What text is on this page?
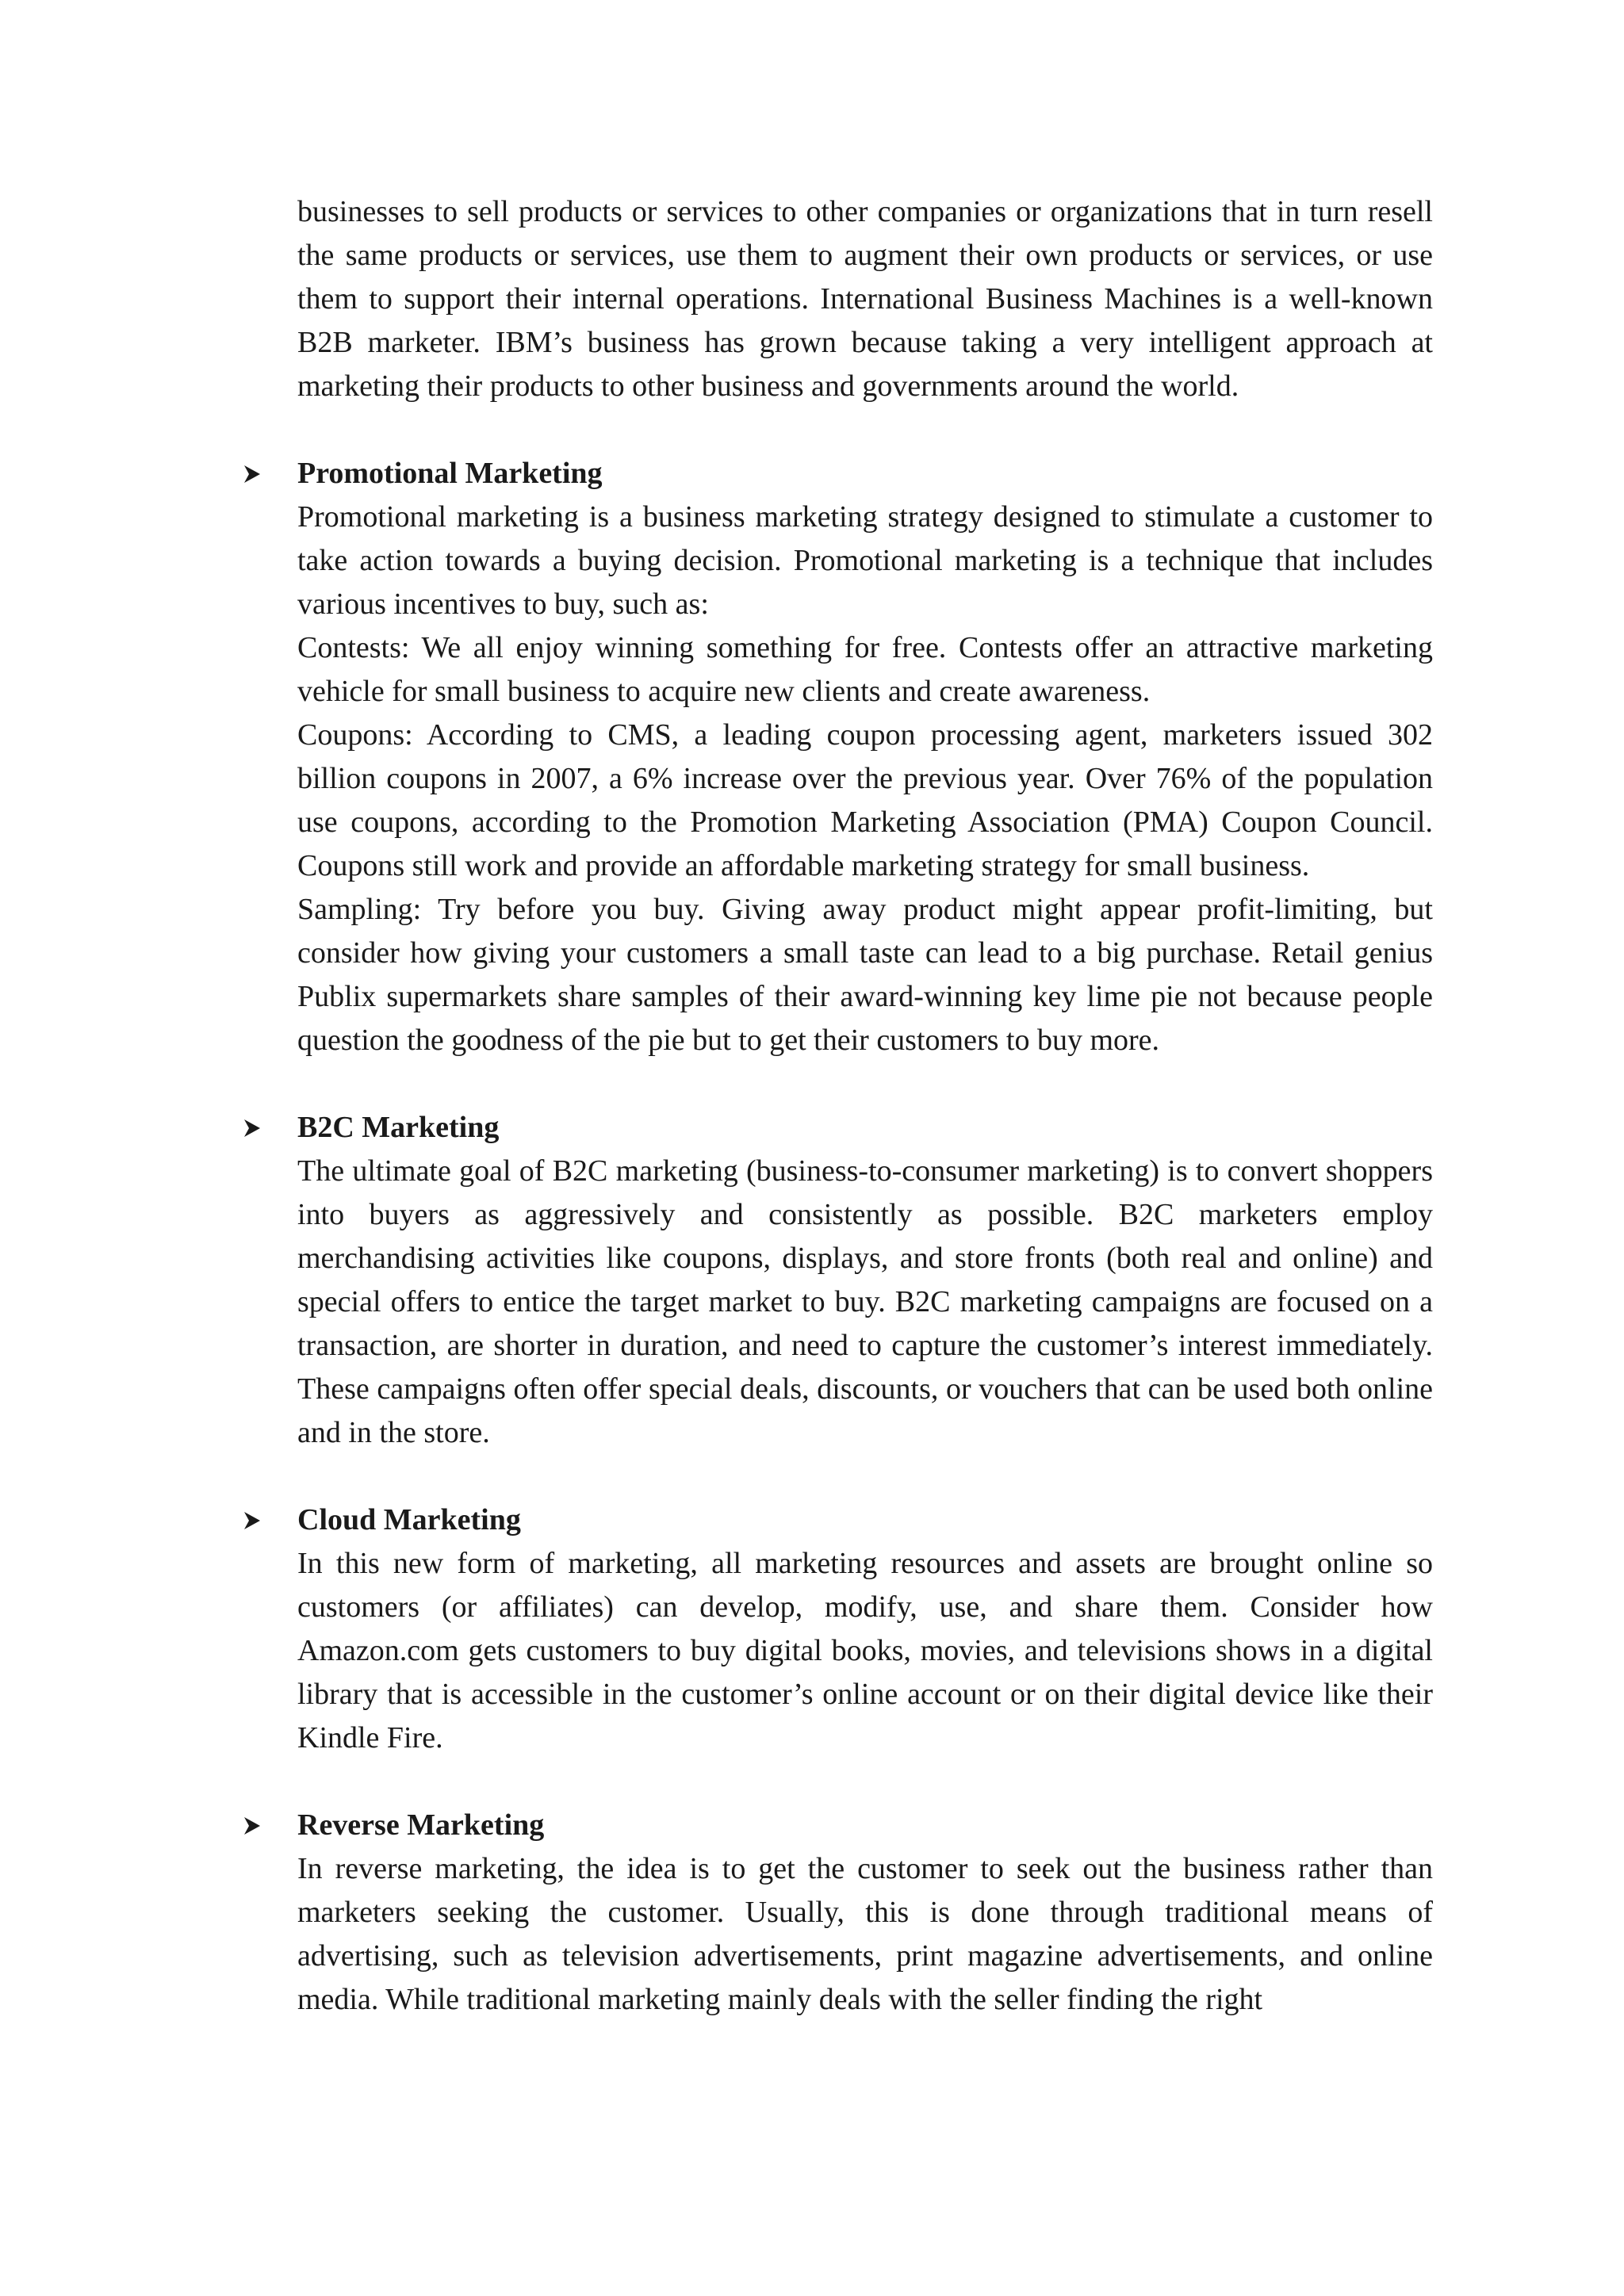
businesses to sell products or services to other companies or organizations that in turn resell the same products or services, use them to augment their own products or services, or use them to support their internal operations. International Business Machines is a well-known B2B marketer. IBM’s business has grown because taking a very intelligent approach at marketing their products to other business and governments around the world.

Promotional Marketing

Promotional marketing is a business marketing strategy designed to stimulate a customer to take action towards a buying decision. Promotional marketing is a technique that includes various incentives to buy, such as:

Contests: We all enjoy winning something for free. Contests offer an attractive marketing vehicle for small business to acquire new clients and create awareness.

Coupons: According to CMS, a leading coupon processing agent, marketers issued 302 billion coupons in 2007, a 6% increase over the previous year. Over 76% of the population use coupons, according to the Promotion Marketing Association (PMA) Coupon Council. Coupons still work and provide an affordable marketing strategy for small business.

Sampling: Try before you buy. Giving away product might appear profit-limiting, but consider how giving your customers a small taste can lead to a big purchase. Retail genius Publix supermarkets share samples of their award-winning key lime pie not because people question the goodness of the pie but to get their customers to buy more.

B2C Marketing

The ultimate goal of B2C marketing (business-to-consumer marketing) is to convert shoppers into buyers as aggressively and consistently as possible. B2C marketers employ merchandising activities like coupons, displays, and store fronts (both real and online) and special offers to entice the target market to buy. B2C marketing campaigns are focused on a transaction, are shorter in duration, and need to capture the customer’s interest immediately. These campaigns often offer special deals, discounts, or vouchers that can be used both online and in the store.

Cloud Marketing

In this new form of marketing, all marketing resources and assets are brought online so customers (or affiliates) can develop, modify, use, and share them. Consider how Amazon.com gets customers to buy digital books, movies, and televisions shows in a digital library that is accessible in the customer’s online account or on their digital device like their Kindle Fire.

Reverse Marketing

In reverse marketing, the idea is to get the customer to seek out the business rather than marketers seeking the customer. Usually, this is done through traditional means of advertising, such as television advertisements, print magazine advertisements, and online media. While traditional marketing mainly deals with the seller finding the right
